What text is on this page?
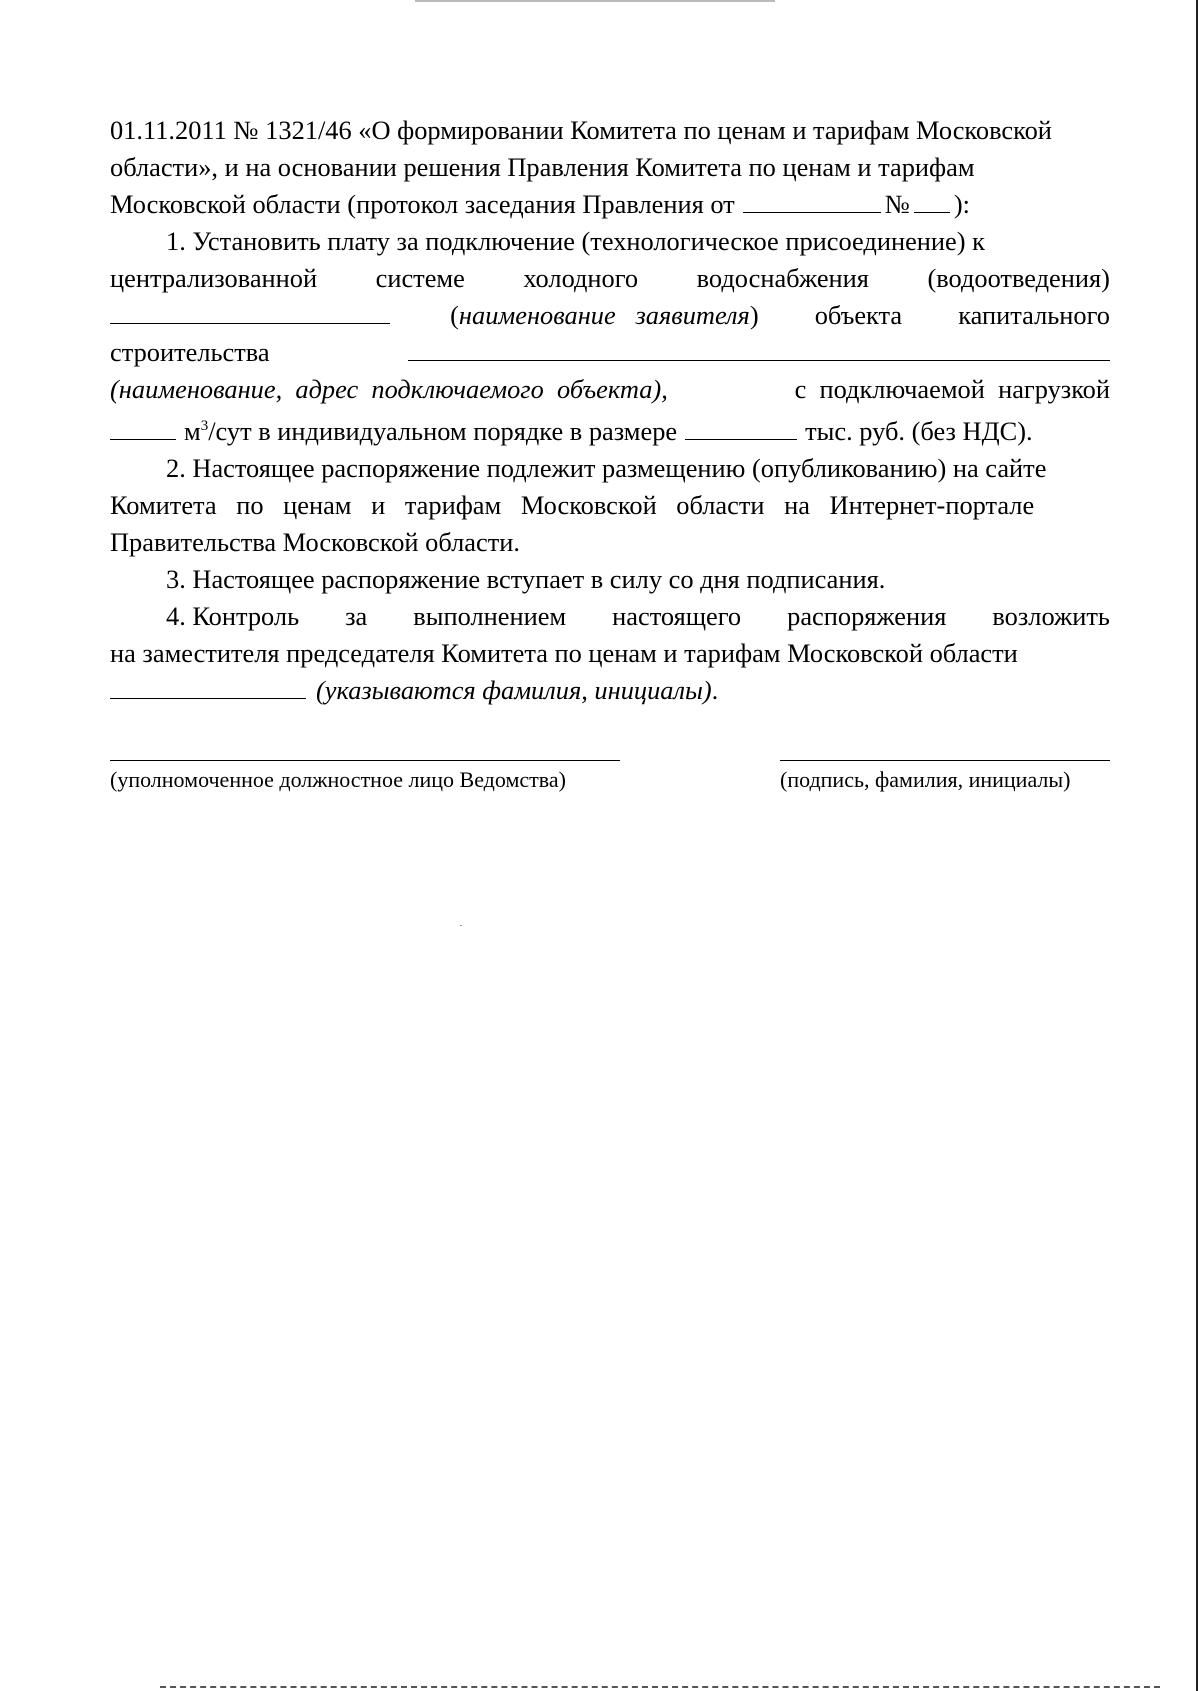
01.11.2011 № 1321/46 «О формировании Комитета по ценам и тарифам Московской
области», и на основании решения Правления Комитета по ценам и тарифам
Московской области (протокол заседания Правления от	№ ):
1. Установить плату за подключение (технологическое присоединение) к
централизованной системе холодного водоснабжения (водоотведения)
(наименование   заявителя) объекта капитального
строительства
(наименование,  адрес  подключаемого  объекта),	с  подключаемой  нагрузкой
$м^3$ /сут в индивидуальном порядке в размере	тыс. руб. (без НДС).
2. Настоящее распоряжение подлежит размещению (опубликованию) на сайте
Комитета по ценам и тарифам Московской области на Интернет-портале
Правительства Московской области.
3. Настоящее распоряжение вступает в силу со дня подписания.
4. Контроль за выполнением настоящего распоряжения возложить
на заместителя председателя Комитета по ценам и тарифам Московской области
(указываются фамилия, инициалы) .
(уполномоченное должностное лицо Ведомства)	(подпись, фамилия, инициалы)
